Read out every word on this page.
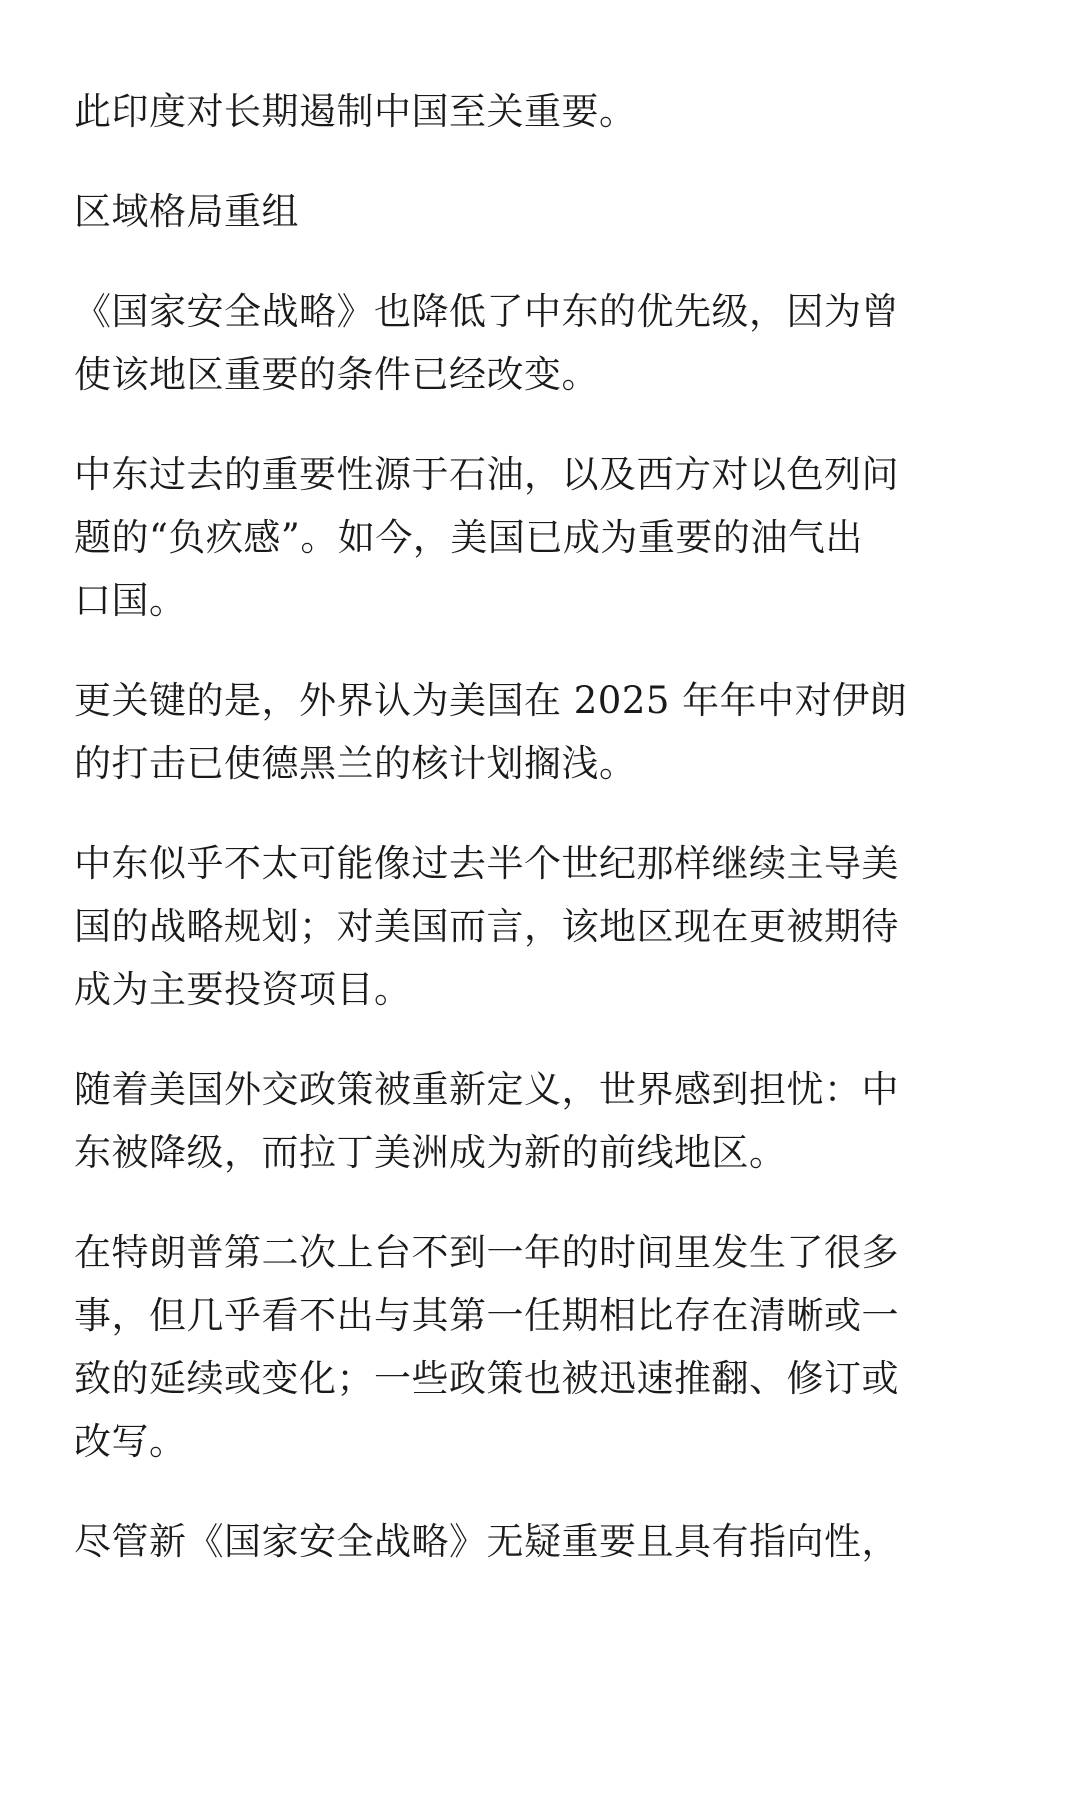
此印度对长期遏制中国至关重要。

区域格局重组

《国家安全战略》也降低了中东的优先级，因为曾
使该地区重要的条件已经改变。

中东过去的重要性源于石油，以及西方对以色列问
题的“负疚感”。如今，美国已成为重要的油气出
口国。

更关键的是，外界认为美国在 2025 年年中对伊朗
的打击已使德黑兰的核计划搁浅。

中东似乎不太可能像过去半个世纪那样继续主导美
国的战略规划；对美国而言，该地区现在更被期待
成为主要投资项目。

随着美国外交政策被重新定义，世界感到担忧：中
东被降级，而拉丁美洲成为新的前线地区。

在特朗普第二次上台不到一年的时间里发生了很多
事，但几乎看不出与其第一任期相比存在清晰或一
致的延续或变化；一些政策也被迅速推翻、修订或
改写。

尽管新《国家安全战略》无疑重要且具有指向性，
